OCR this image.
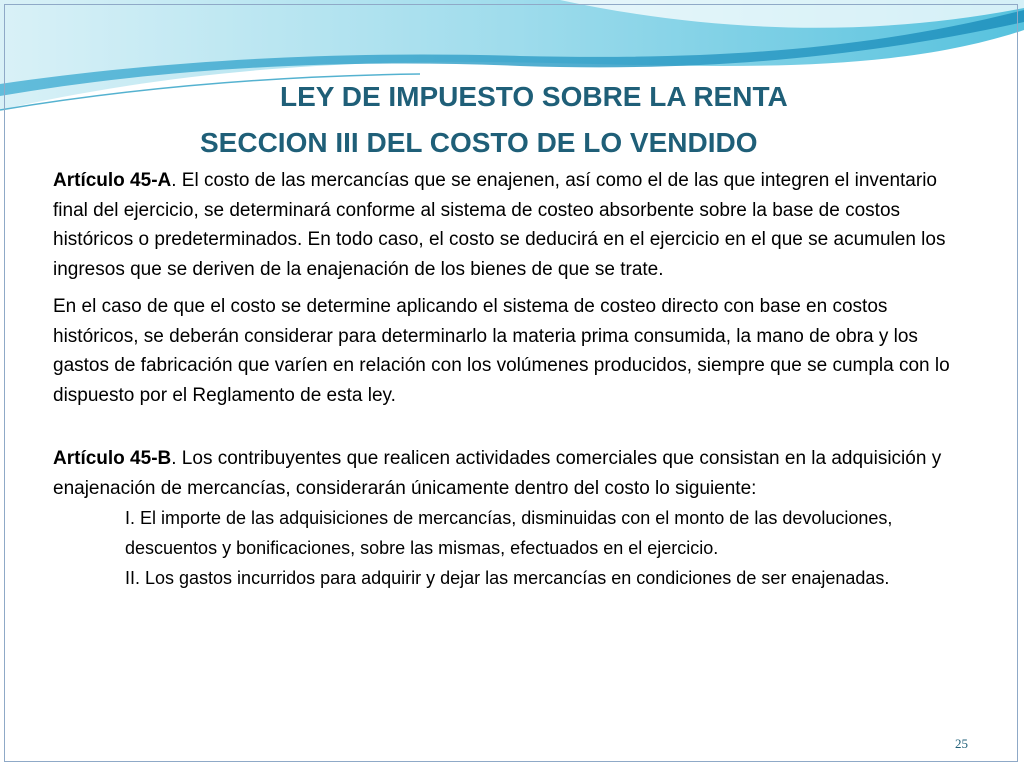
LEY DE IMPUESTO SOBRE LA RENTA
SECCION III DEL COSTO DE LO VENDIDO

Artículo 45-A. El costo de las mercancías que se enajenen, así como el de las que integren el inventario final del ejercicio, se determinará conforme al sistema de costeo absorbente sobre la base de costos históricos o predeterminados. En todo caso, el costo se deducirá en el ejercicio en el que se acumulen los ingresos que se deriven de la enajenación de los bienes de que se trate.

En el caso de que el costo se determine aplicando el sistema de costeo directo con base en costos históricos, se deberán considerar para determinarlo la materia prima consumida, la mano de obra y los gastos de fabricación que varíen en relación con los volúmenes producidos, siempre que se cumpla con lo dispuesto por el Reglamento de esta ley.

Artículo 45-B. Los contribuyentes que realicen actividades comerciales que consistan en la adquisición y enajenación de mercancías, considerarán únicamente dentro del costo lo siguiente:

I. El importe de las adquisiciones de mercancías, disminuidas con el monto de las devoluciones, descuentos y bonificaciones, sobre las mismas, efectuados en el ejercicio.

II. Los gastos incurridos para adquirir y dejar las mercancías en condiciones de ser enajenadas.

25
